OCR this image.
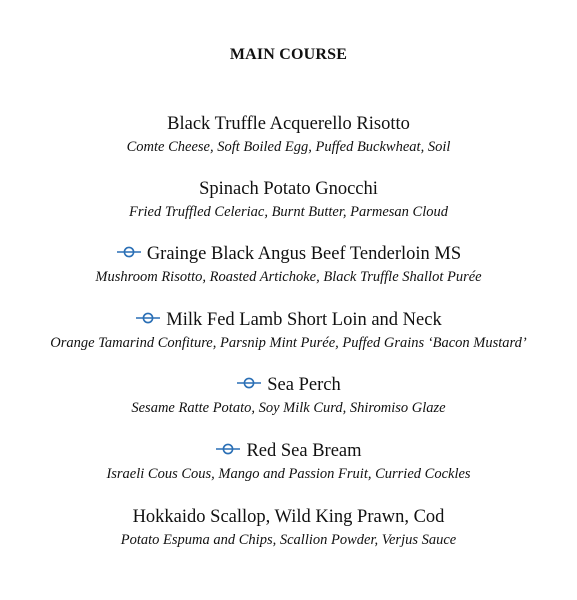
MAIN COURSE
Black Truffle Acquerello Risotto
Comte Cheese, Soft Boiled Egg, Puffed Buckwheat, Soil
Spinach Potato Gnocchi
Fried Truffled Celeriac, Burnt Butter, Parmesan Cloud
Grainge Black Angus Beef Tenderloin MS
Mushroom Risotto, Roasted Artichoke, Black Truffle Shallot Purée
Milk Fed Lamb Short Loin and Neck
Orange Tamarind Confiture, Parsnip Mint Purée, Puffed Grains ‘Bacon Mustard’
Sea Perch
Sesame Ratte Potato, Soy Milk Curd, Shiromiso Glaze
Red Sea Bream
Israeli Cous Cous, Mango and Passion Fruit, Curried Cockles
Hokkaido Scallop, Wild King Prawn, Cod
Potato Espuma and Chips, Scallion Powder, Verjus Sauce
